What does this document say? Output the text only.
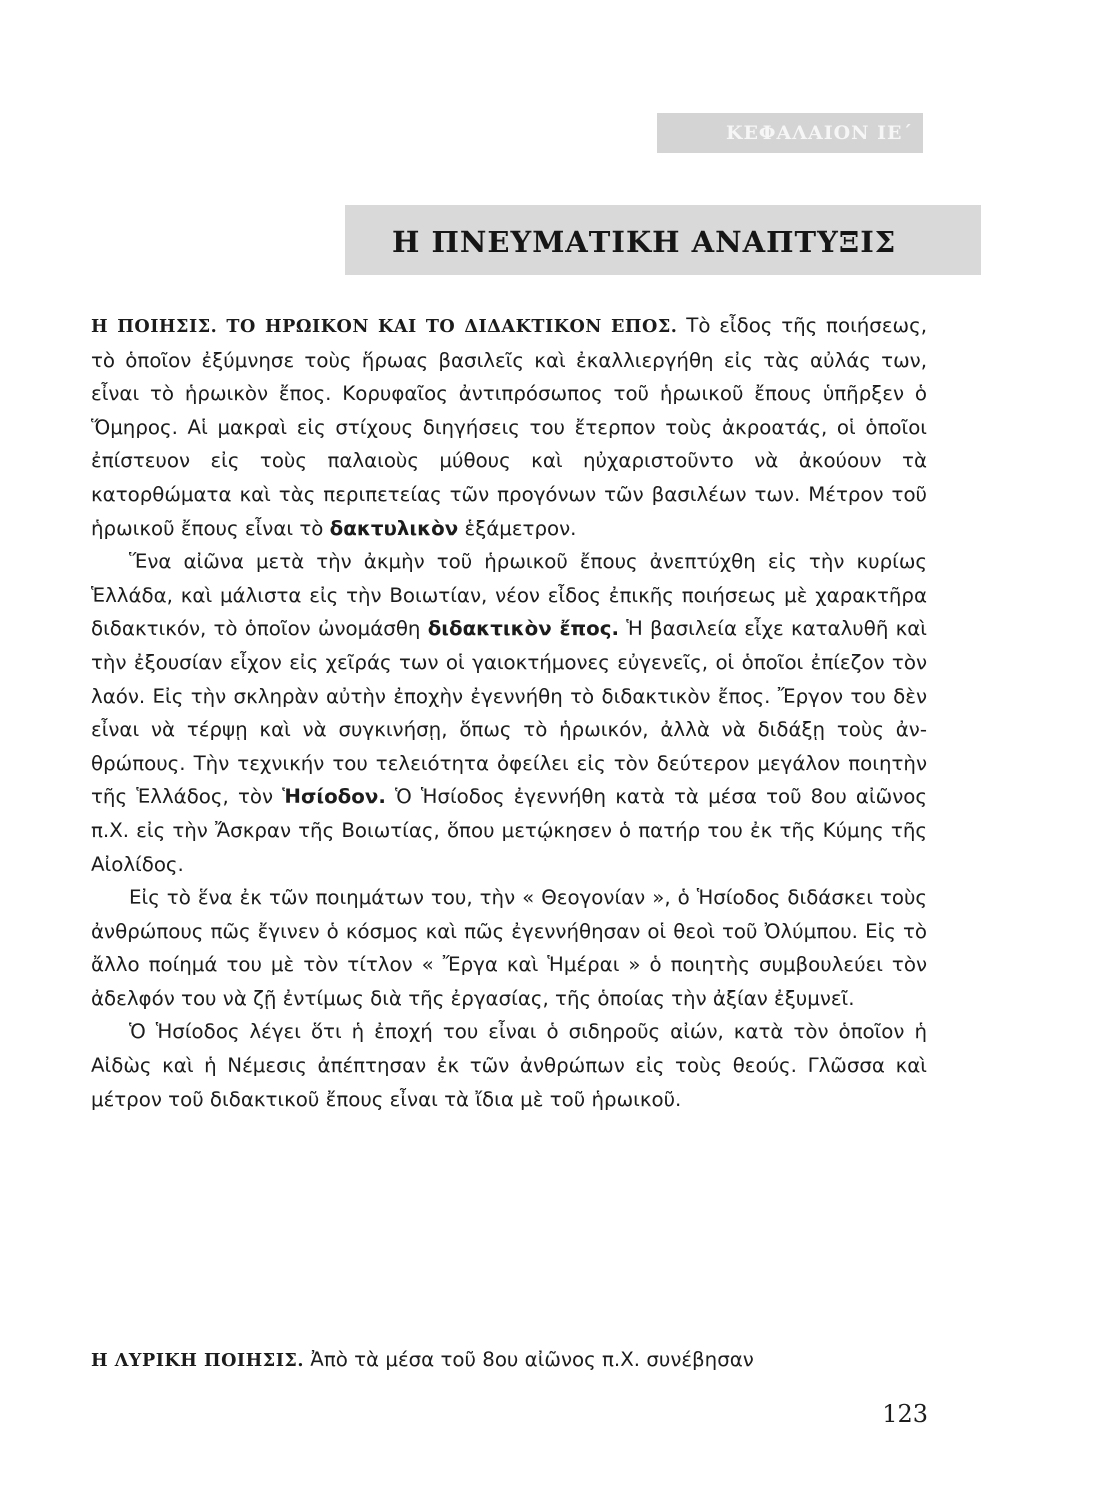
ΚΕΦΑΛΑΙΟΝ ΙΕ΄
Η ΠΝΕΥΜΑΤΙΚΗ ΑΝΑΠΤΥΞΙΣ

Η ΠΟΙΗΣΙΣ. ΤΟ ΗΡΩΙΚΟΝ ΚΑΙ ΤΟ ΔΙΔΑΚΤΙΚΟΝ ΕΠΟΣ. Τὸ εἶδος τῆς ποιήσεως, τὸ ὁποῖον ἐξύμνησε τοὺς ἥρωας βασιλεῖς καὶ ἐκαλλιεργήθη εἰς τὰς αὐλάς των, εἶναι τὸ ἡρωικὸν ἔπος. Κορυφαῖος ἀντιπρόσωπος τοῦ ἡρωικοῦ ἔπους ὑπῆρξεν ὁ Ὅμηρος. Αἱ μακραὶ εἰς στίχους διηγήσεις του ἔτερπον τοὺς ἀκροατάς, οἱ ὁποῖοι ἐπίστευον εἰς τοὺς παλαιοὺς μύθους καὶ ηὐχαριστοῦντο νὰ ἀκούουν τὰ κατορθώματα καὶ τὰς περιπετείας τῶν προγόνων τῶν βασιλέων των. Μέτρον τοῦ ἡρωικοῦ ἔπους εἶναι τὸ δακτυλικὸν ἑξάμετρον.

Ἕνα αἰῶνα μετὰ τὴν ἀκμὴν τοῦ ἡρωικοῦ ἔπους ἀνεπτύχθη εἰς τὴν κυρίως Ἑλλάδα, καὶ μάλιστα εἰς τὴν Βοιωτίαν, νέον εἶδος ἐπικῆς ποιήσεως μὲ χαρακτῆρα διδακτικόν, τὸ ὁποῖον ὠνομάσθη διδακτικὸν ἔπος. Ἡ βασιλεία εἶχε καταλυθῆ καὶ τὴν ἐξουσίαν εἶχον εἰς χεῖράς των οἱ γαιοκτήμονες εὐγενεῖς, οἱ ὁποῖοι ἐπίεζον τὸν λαόν. Εἰς τὴν σκληρὰν αὐτὴν ἐποχὴν ἐγεννήθη τὸ διδακτικὸν ἔπος. Ἔργον του δὲν εἶναι νὰ τέρψῃ καὶ νὰ συγκινήσῃ, ὅπως τὸ ἡρωικόν, ἀλλὰ νὰ διδάξῃ τοὺς ἀνθρώπους. Τὴν τεχνικήν του τελειότητα ὀφείλει εἰς τὸν δεύτερον μεγάλον ποιητὴν τῆς Ἑλλάδος, τὸν Ἡσίοδον. Ὁ Ἡσίοδος ἐγεννήθη κατὰ τὰ μέσα τοῦ 8ου αἰῶνος π.Χ. εἰς τὴν Ἄσκραν τῆς Βοιωτίας, ὅπου μετῴκησεν ὁ πατήρ του ἐκ τῆς Κύμης τῆς Αἰολίδος.

Εἰς τὸ ἕνα ἐκ τῶν ποιημάτων του, τὴν « Θεογονίαν », ὁ Ἡσίοδος διδάσκει τοὺς ἀνθρώπους πῶς ἔγινεν ὁ κόσμος καὶ πῶς ἐγεννήθησαν οἱ θεοὶ τοῦ Ὀλύμπου. Εἰς τὸ ἄλλο ποίημά του μὲ τὸν τίτλον « Ἔργα καὶ Ἡμέραι » ὁ ποιητὴς συμβουλεύει τὸν ἀδελφόν του νὰ ζῇ ἐντίμως διὰ τῆς ἐργασίας, τῆς ὁποίας τὴν ἀξίαν ἐξυμνεῖ.

Ὁ Ἡσίοδος λέγει ὅτι ἡ ἐποχή του εἶναι ὁ σιδηροῦς αἰών, κατὰ τὸν ὁποῖον ἡ Αἰδὼς καὶ ἡ Νέμεσις ἀπέπτησαν ἐκ τῶν ἀνθρώπων εἰς τοὺς θεούς. Γλῶσσα καὶ μέτρον τοῦ διδακτικοῦ ἔπους εἶναι τὰ ἴδια μὲ τοῦ ἡρωικοῦ.

Η ΛΥΡΙΚΗ ΠΟΙΗΣΙΣ. Ἀπὸ τὰ μέσα τοῦ 8ου αἰῶνος π.Χ. συνέβησαν
123
